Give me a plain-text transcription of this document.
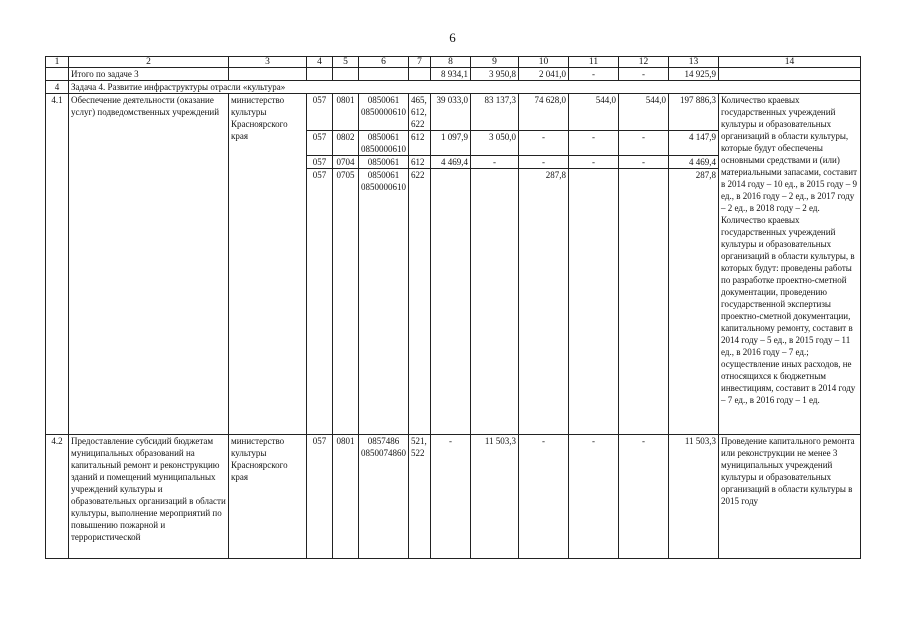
6
1	2	3	4	5	6	7	8	9	10	11	12	13	14
	Итого по задаче 3						8 934,1	3 950,8	2 041,0	-	-	14 925,9	
4	Задача 4. Развитие инфраструктуры отрасли «культура»												
4.1	Обеспечение деятельности (оказание услуг) подведомственных учреждений	министерство культуры Красноярского края	057	0801	0850061 0850000610	465, 612, 622	39 033,0	83 137,3	74 628,0	544,0	544,0	197 886,3	Количество краевых государственных учреждений культуры и образовательных организаций в области культуры, которые будут обеспечены основными средствами и (или) материальными запасами, составит в 2014 году – 10 ед., в 2015 году – 9 ед., в 2016 году – 2 ед., в 2017 году – 2 ед., в 2018 году – 2 ед. Количество краевых государственных учреждений культуры и образовательных организаций в области культуры, в которых будут: проведены работы по разработке проектно-сметной документации, проведению государственной экспертизы проектно-сметной документации, капитальному ремонту, составит в 2014 году – 5 ед., в 2015 году – 11 ед., в 2016 году – 7 ед.; осуществление иных расходов, не относящихся к бюджетным инвестициям, составит в 2014 году – 7 ед., в 2016 году – 1 ед.
			057	0802	0850061 0850000610	612	1 097,9	3 050,0	-	-	-	4 147,9	
			057	0704	0850061	612	4 469,4	-	-	-	-	4 469,4	
			057	0705	0850061 0850000610	622			287,8			287,8	
4.2	Предоставление субсидий бюджетам муниципальных образований на капитальный ремонт и реконструкцию зданий и помещений муниципальных учреждений культуры и образовательных организаций в области культуры, выполнение мероприятий по повышению пожарной и террористической	министерство культуры Красноярского края	057	0801	0857486 0850074860	521, 522	-	11 503,3	-	-	-	11 503,3	Проведение капитального ремонта или реконструкции не менее 3 муниципальных учреждений культуры и образовательных организаций в области культуры в 2015 году
